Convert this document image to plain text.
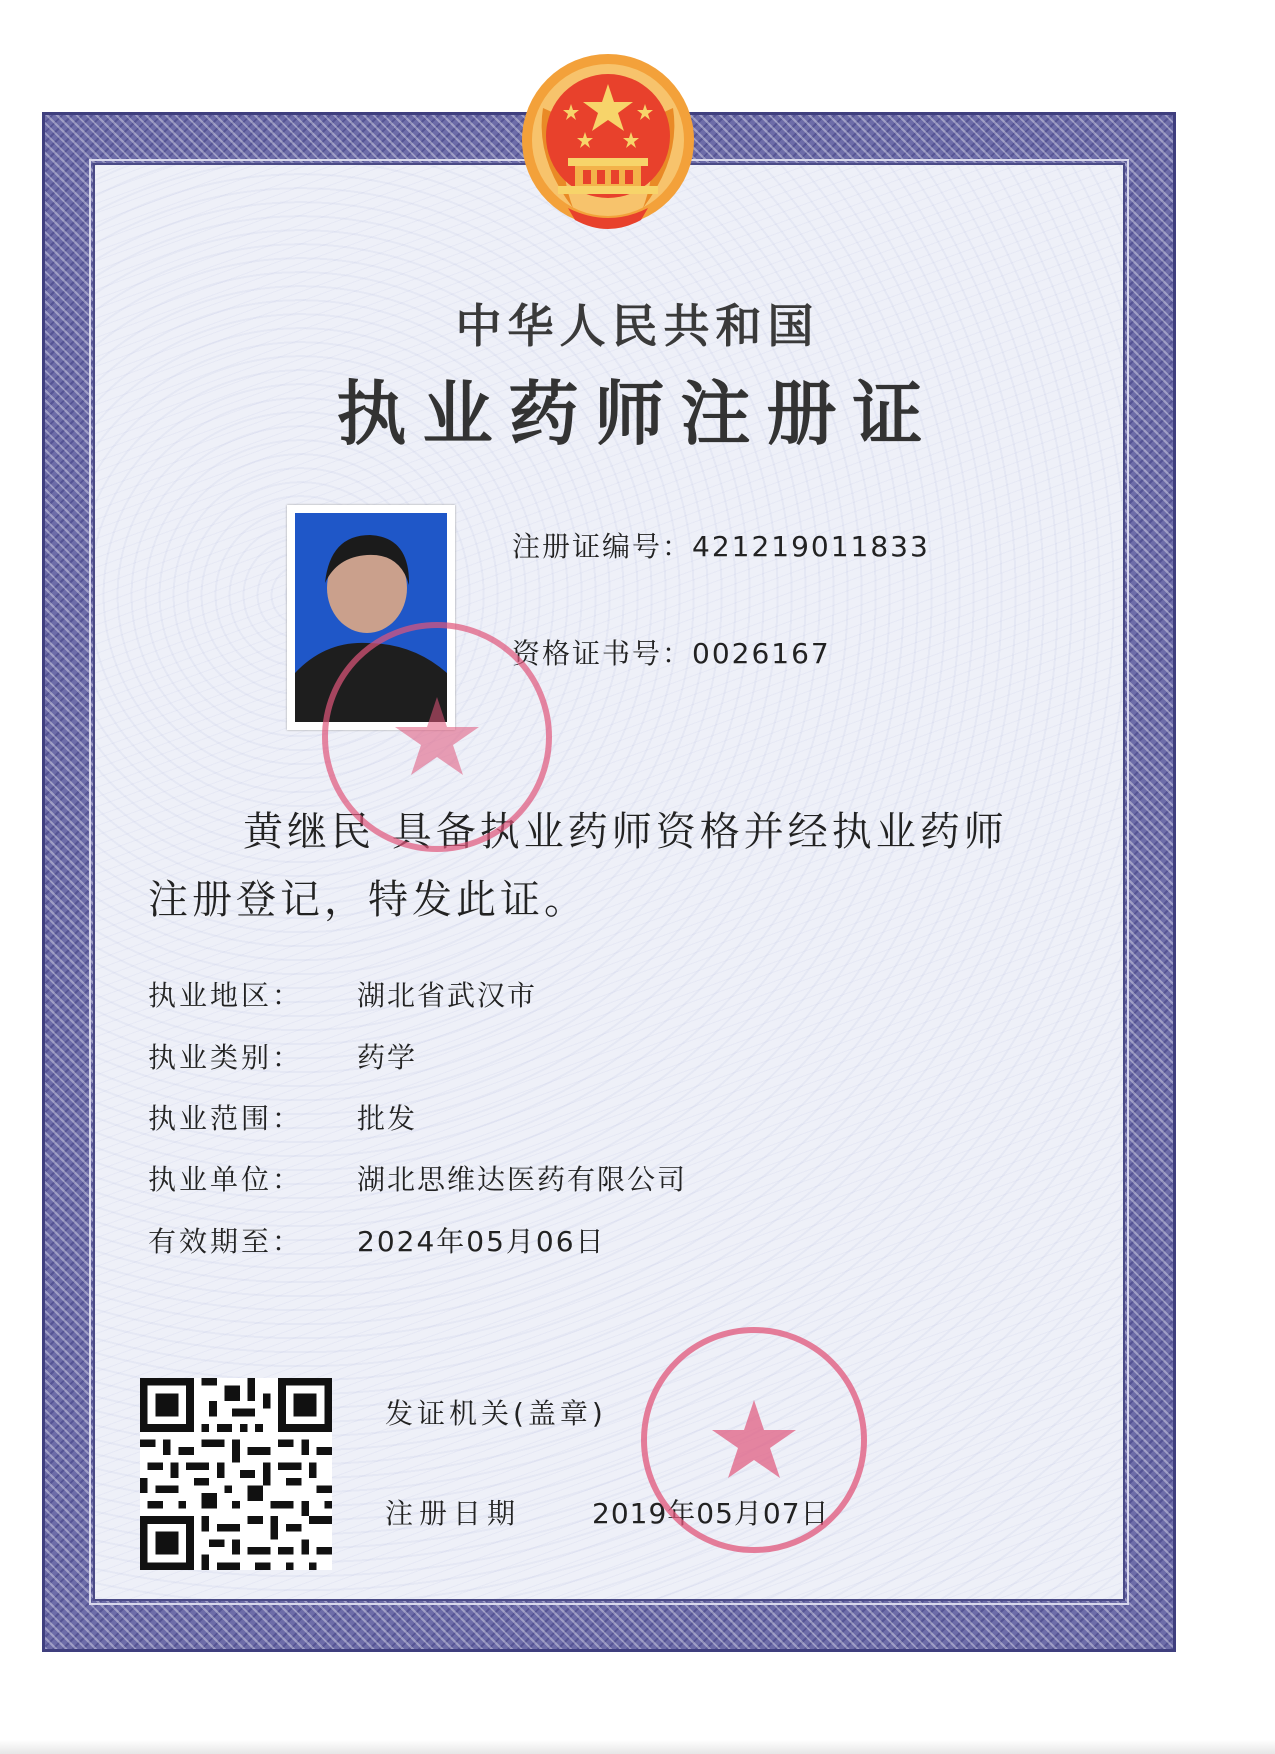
中华人民共和国
执业药师注册证
注册证编号：421219011833
资格证书号：0026167
黄继民 具备执业药师资格并经执业药师
注册登记，特发此证。
执业地区： 湖北省武汉市
执业类别： 药学
执业范围： 批发
执业单位： 湖北思维达医药有限公司
有效期至： 2024年05月06日
发证机关(盖章)
注册日期	2019年05月07日
